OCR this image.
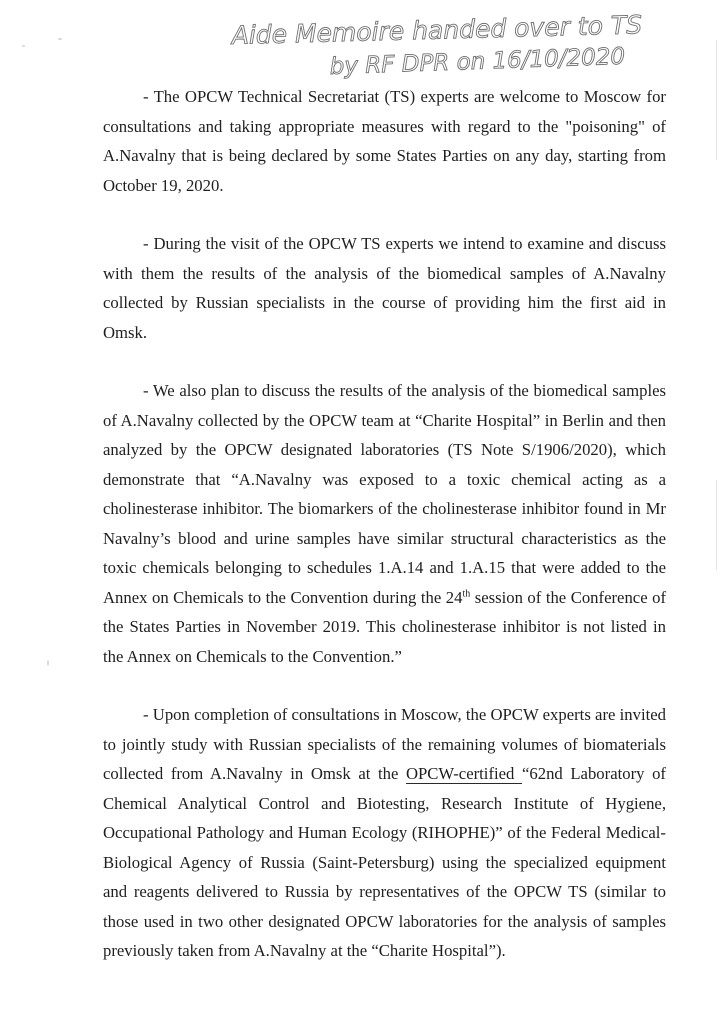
Aide Memoire handed over to TS
by RF DPR on 16/10/2020

- The OPCW Technical Secretariat (TS) experts are welcome to Moscow for consultations and taking appropriate measures with regard to the "poisoning" of A.Navalny that is being declared by some States Parties on any day, starting from October 19, 2020.

- During the visit of the OPCW TS experts we intend to examine and discuss with them the results of the analysis of the biomedical samples of A.Navalny collected by Russian specialists in the course of providing him the first aid in Omsk.

- We also plan to discuss the results of the analysis of the biomedical samples of A.Navalny collected by the OPCW team at “Charite Hospital” in Berlin and then analyzed by the OPCW designated laboratories (TS Note S/1906/2020), which demonstrate that “A.Navalny was exposed to a toxic chemical acting as a cholinesterase inhibitor. The biomarkers of the cholinesterase inhibitor found in Mr Navalny’s blood and urine samples have similar structural characteristics as the toxic chemicals belonging to schedules 1.A.14 and 1.A.15 that were added to the Annex on Chemicals to the Convention during the 24th session of the Conference of the States Parties in November 2019. This cholinesterase inhibitor is not listed in the Annex on Chemicals to the Convention.”

- Upon completion of consultations in Moscow, the OPCW experts are invited to jointly study with Russian specialists of the remaining volumes of biomaterials collected from A.Navalny in Omsk at the OPCW-certified “62nd Laboratory of Chemical Analytical Control and Biotesting, Research Institute of Hygiene, Occupational Pathology and Human Ecology (RIHOPHE)” of the Federal Medical-Biological Agency of Russia (Saint-Petersburg) using the specialized equipment and reagents delivered to Russia by representatives of the OPCW TS (similar to those used in two other designated OPCW laboratories for the analysis of samples previously taken from A.Navalny at the “Charite Hospital”).
